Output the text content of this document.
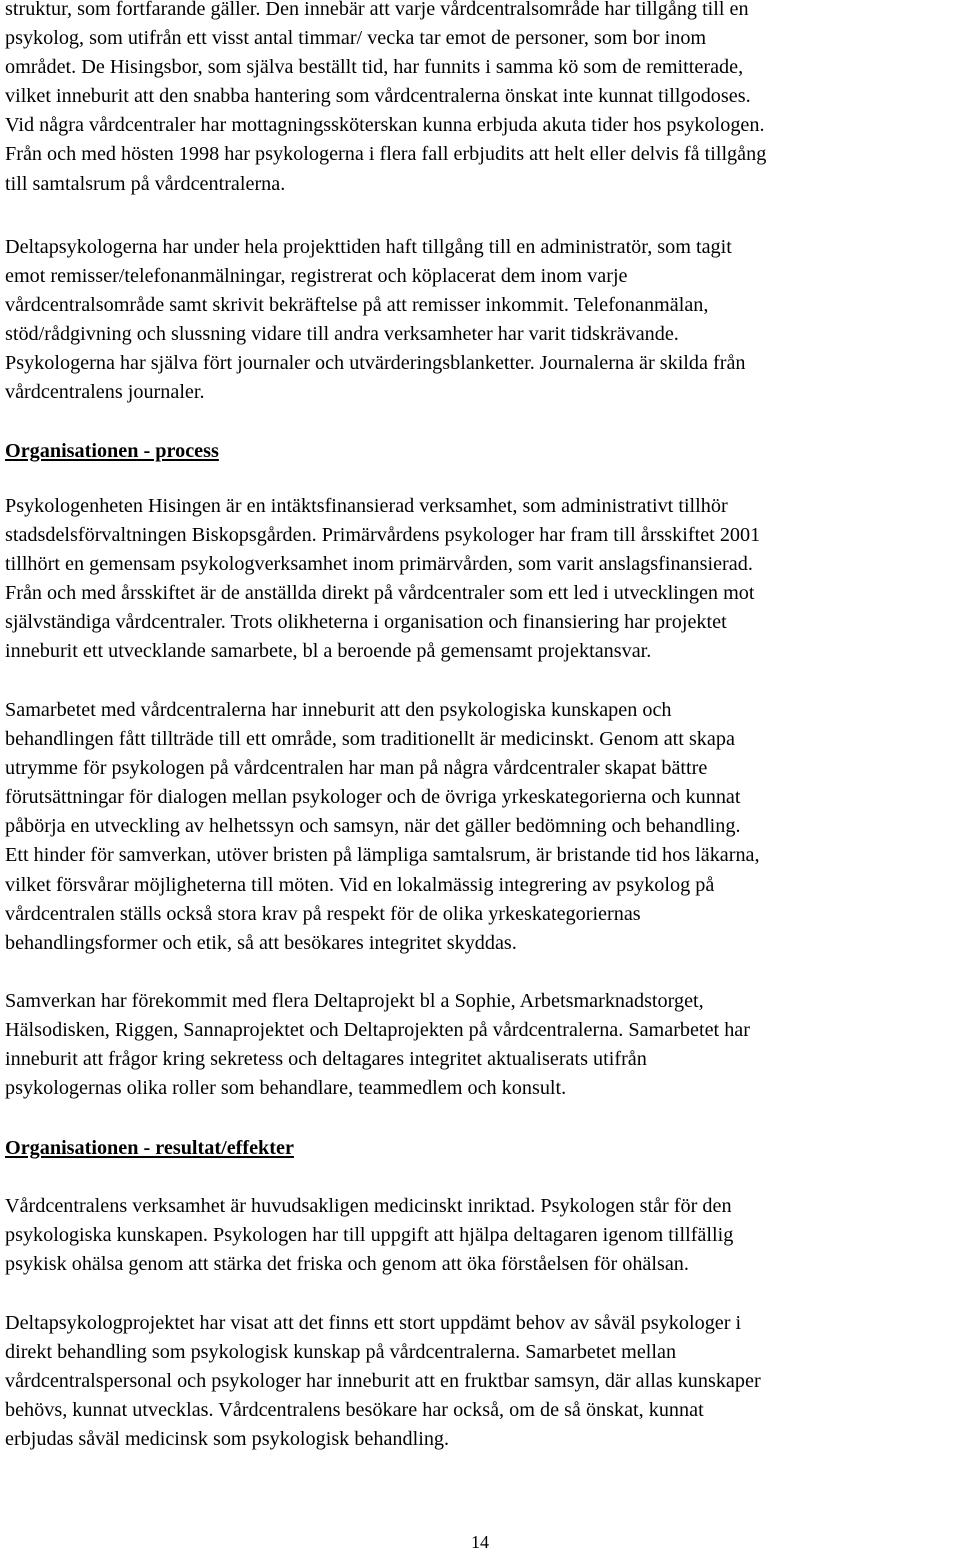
struktur, som fortfarande gäller. Den innebär att varje vårdcentralsområde har tillgång till en
psykolog, som utifrån ett visst antal timmar/ vecka tar emot de personer, som bor inom
området. De Hisingsbor, som själva beställt tid, har funnits i samma kö som de remitterade,
vilket inneburit att den snabba hantering som vårdcentralerna önskat inte kunnat tillgodoses.
Vid några vårdcentraler har mottagningssköterskan kunna erbjuda akuta tider hos psykologen.
Från och med hösten 1998 har psykologerna i flera fall erbjudits att helt eller delvis få tillgång
till samtalsrum på vårdcentralerna.
Deltapsykologerna har under hela projekttiden haft tillgång till en administratör, som tagit
emot remisser/telefonanmälningar, registrerat och köplacerat dem inom varje
vårdcentralsområde samt skrivit bekräftelse på att remisser inkommit. Telefonanmälan,
stöd/rådgivning och slussning vidare till andra verksamheter har varit tidskrävande.
Psykologerna har själva fört journaler och utvärderingsblanketter. Journalerna är skilda från
vårdcentralens journaler.
Organisationen - process
Psykologenheten Hisingen är en intäktsfinansierad verksamhet, som administrativt tillhör
stadsdelsförvaltningen Biskopsgården. Primärvårdens psykologer har fram till årsskiftet 2001
tillhört en gemensam psykologverksamhet inom primärvården, som varit anslagsfinansierad.
Från och med årsskiftet är de anställda direkt på vårdcentraler som ett led i utvecklingen mot
självständiga vårdcentraler. Trots olikheterna i organisation och finansiering har projektet
inneburit ett utvecklande samarbete, bl a beroende på gemensamt projektansvar.
Samarbetet med vårdcentralerna har inneburit att den psykologiska kunskapen och
behandlingen fått tillträde till ett område, som traditionellt är medicinskt. Genom att skapa
utrymme för psykologen på vårdcentralen har man på några vårdcentraler skapat bättre
förutsättningar för dialogen mellan psykologer och de övriga yrkeskategorierna och kunnat
påbörja en utveckling av helhetssyn och samsyn, när det gäller bedömning och behandling.
Ett hinder för samverkan, utöver bristen på lämpliga samtalsrum, är bristande tid hos läkarna,
vilket försvårar möjligheterna till möten. Vid en lokalmässig integrering av psykolog på
vårdcentralen ställs också stora krav på respekt för de olika yrkeskategoriernas
behandlingsformer och etik, så att besökares integritet skyddas.
Samverkan har förekommit med flera Deltaprojekt bl a Sophie, Arbetsmarknadstorget,
Hälsodisken, Riggen, Sannaprojektet och Deltaprojekten på vårdcentralerna. Samarbetet har
inneburit att frågor kring sekretess och deltagares integritet aktualiserats utifrån
psykologernas olika roller som behandlare, teammedlem och konsult.
Organisationen - resultat/effekter
Vårdcentralens verksamhet är huvudsakligen medicinskt inriktad. Psykologen står för den
psykologiska kunskapen. Psykologen har till uppgift att hjälpa deltagaren igenom tillfällig
psykisk ohälsa genom att stärka det friska och genom att öka förståelsen för ohälsan.
Deltapsykologprojektet har visat att det finns ett stort uppdämt behov av såväl psykologer i
direkt behandling som psykologisk kunskap på vårdcentralerna. Samarbetet mellan
vårdcentralspersonal och psykologer har inneburit att en fruktbar samsyn, där allas kunskaper
behövs, kunnat utvecklas. Vårdcentralens besökare har också, om de så önskat, kunnat
erbjudas såväl medicinsk som psykologisk behandling.
14
